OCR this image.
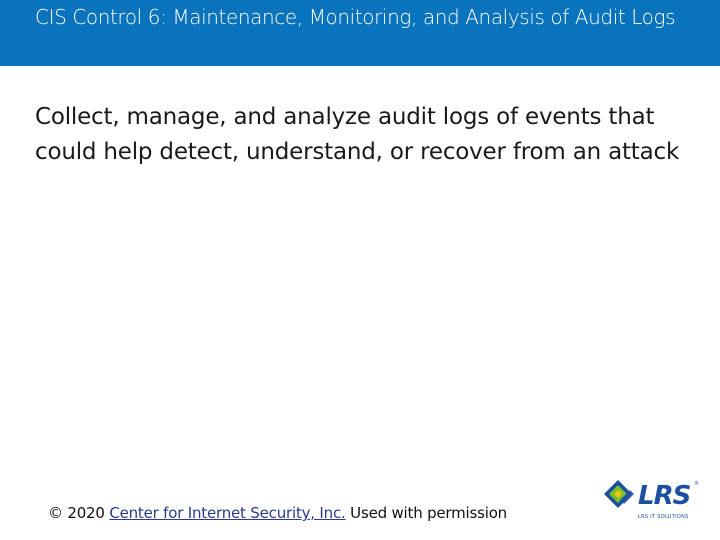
CIS Control 6: Maintenance, Monitoring, and Analysis of Audit Logs
Collect, manage, and analyze audit logs of events that could help detect, understand, or recover from an attack
© 2020 Center for Internet Security, Inc. Used with permission
LRS ®
LRS IT SOLUTIONS
